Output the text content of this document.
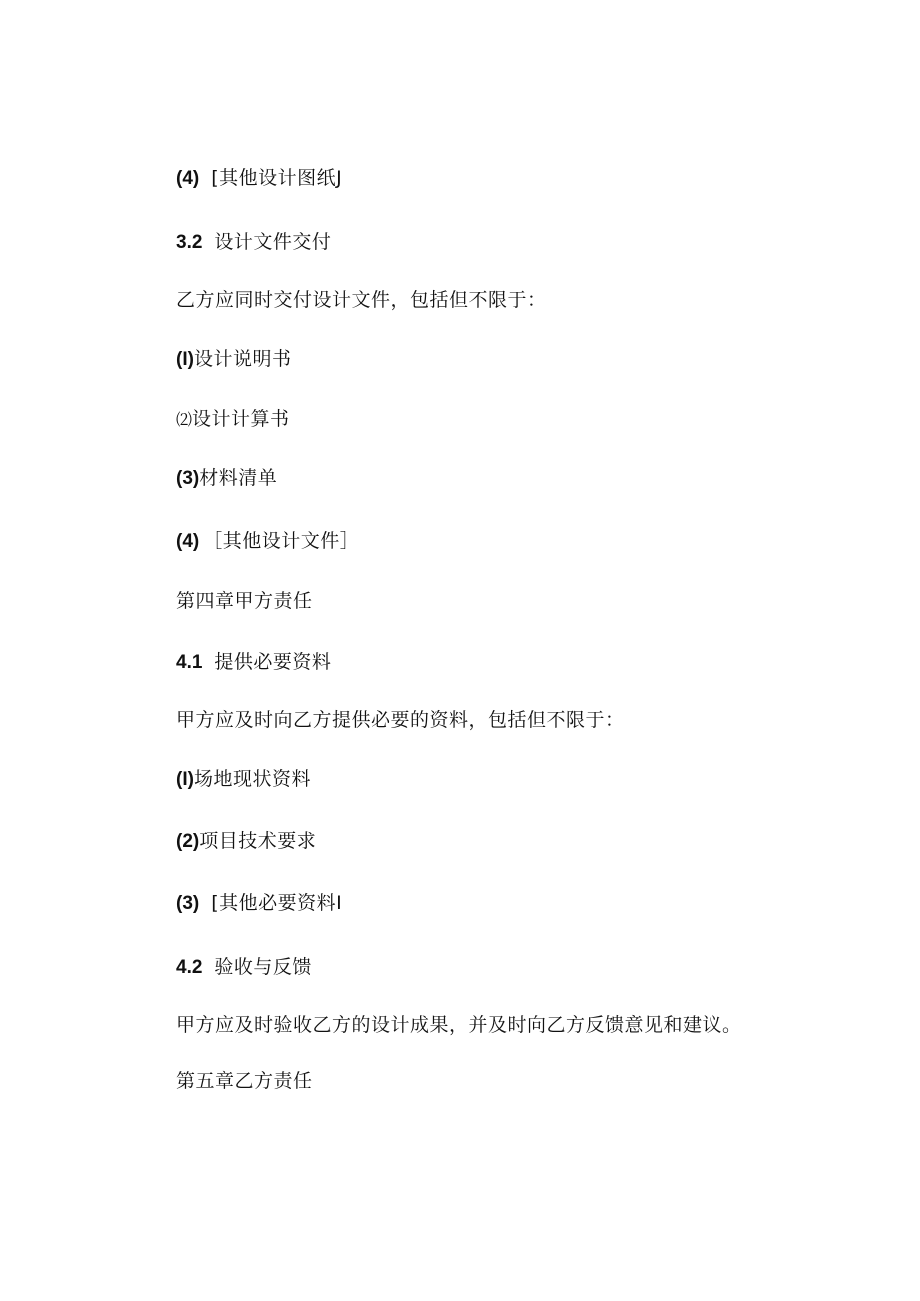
(4) [其他设计图纸J
3.2 设计文件交付
乙方应同时交付设计文件，包括但不限于：
(I)设计说明书
⑵设计计算书
(3)材料清单
(4) ［其他设计文件］
第四章甲方责任
4.1 提供必要资料
甲方应及时向乙方提供必要的资料，包括但不限于：
(I)场地现状资料
(2)项目技术要求
(3) [其他必要资料I
4.2 验收与反馈
甲方应及时验收乙方的设计成果，并及时向乙方反馈意见和建议。
第五章乙方责任
